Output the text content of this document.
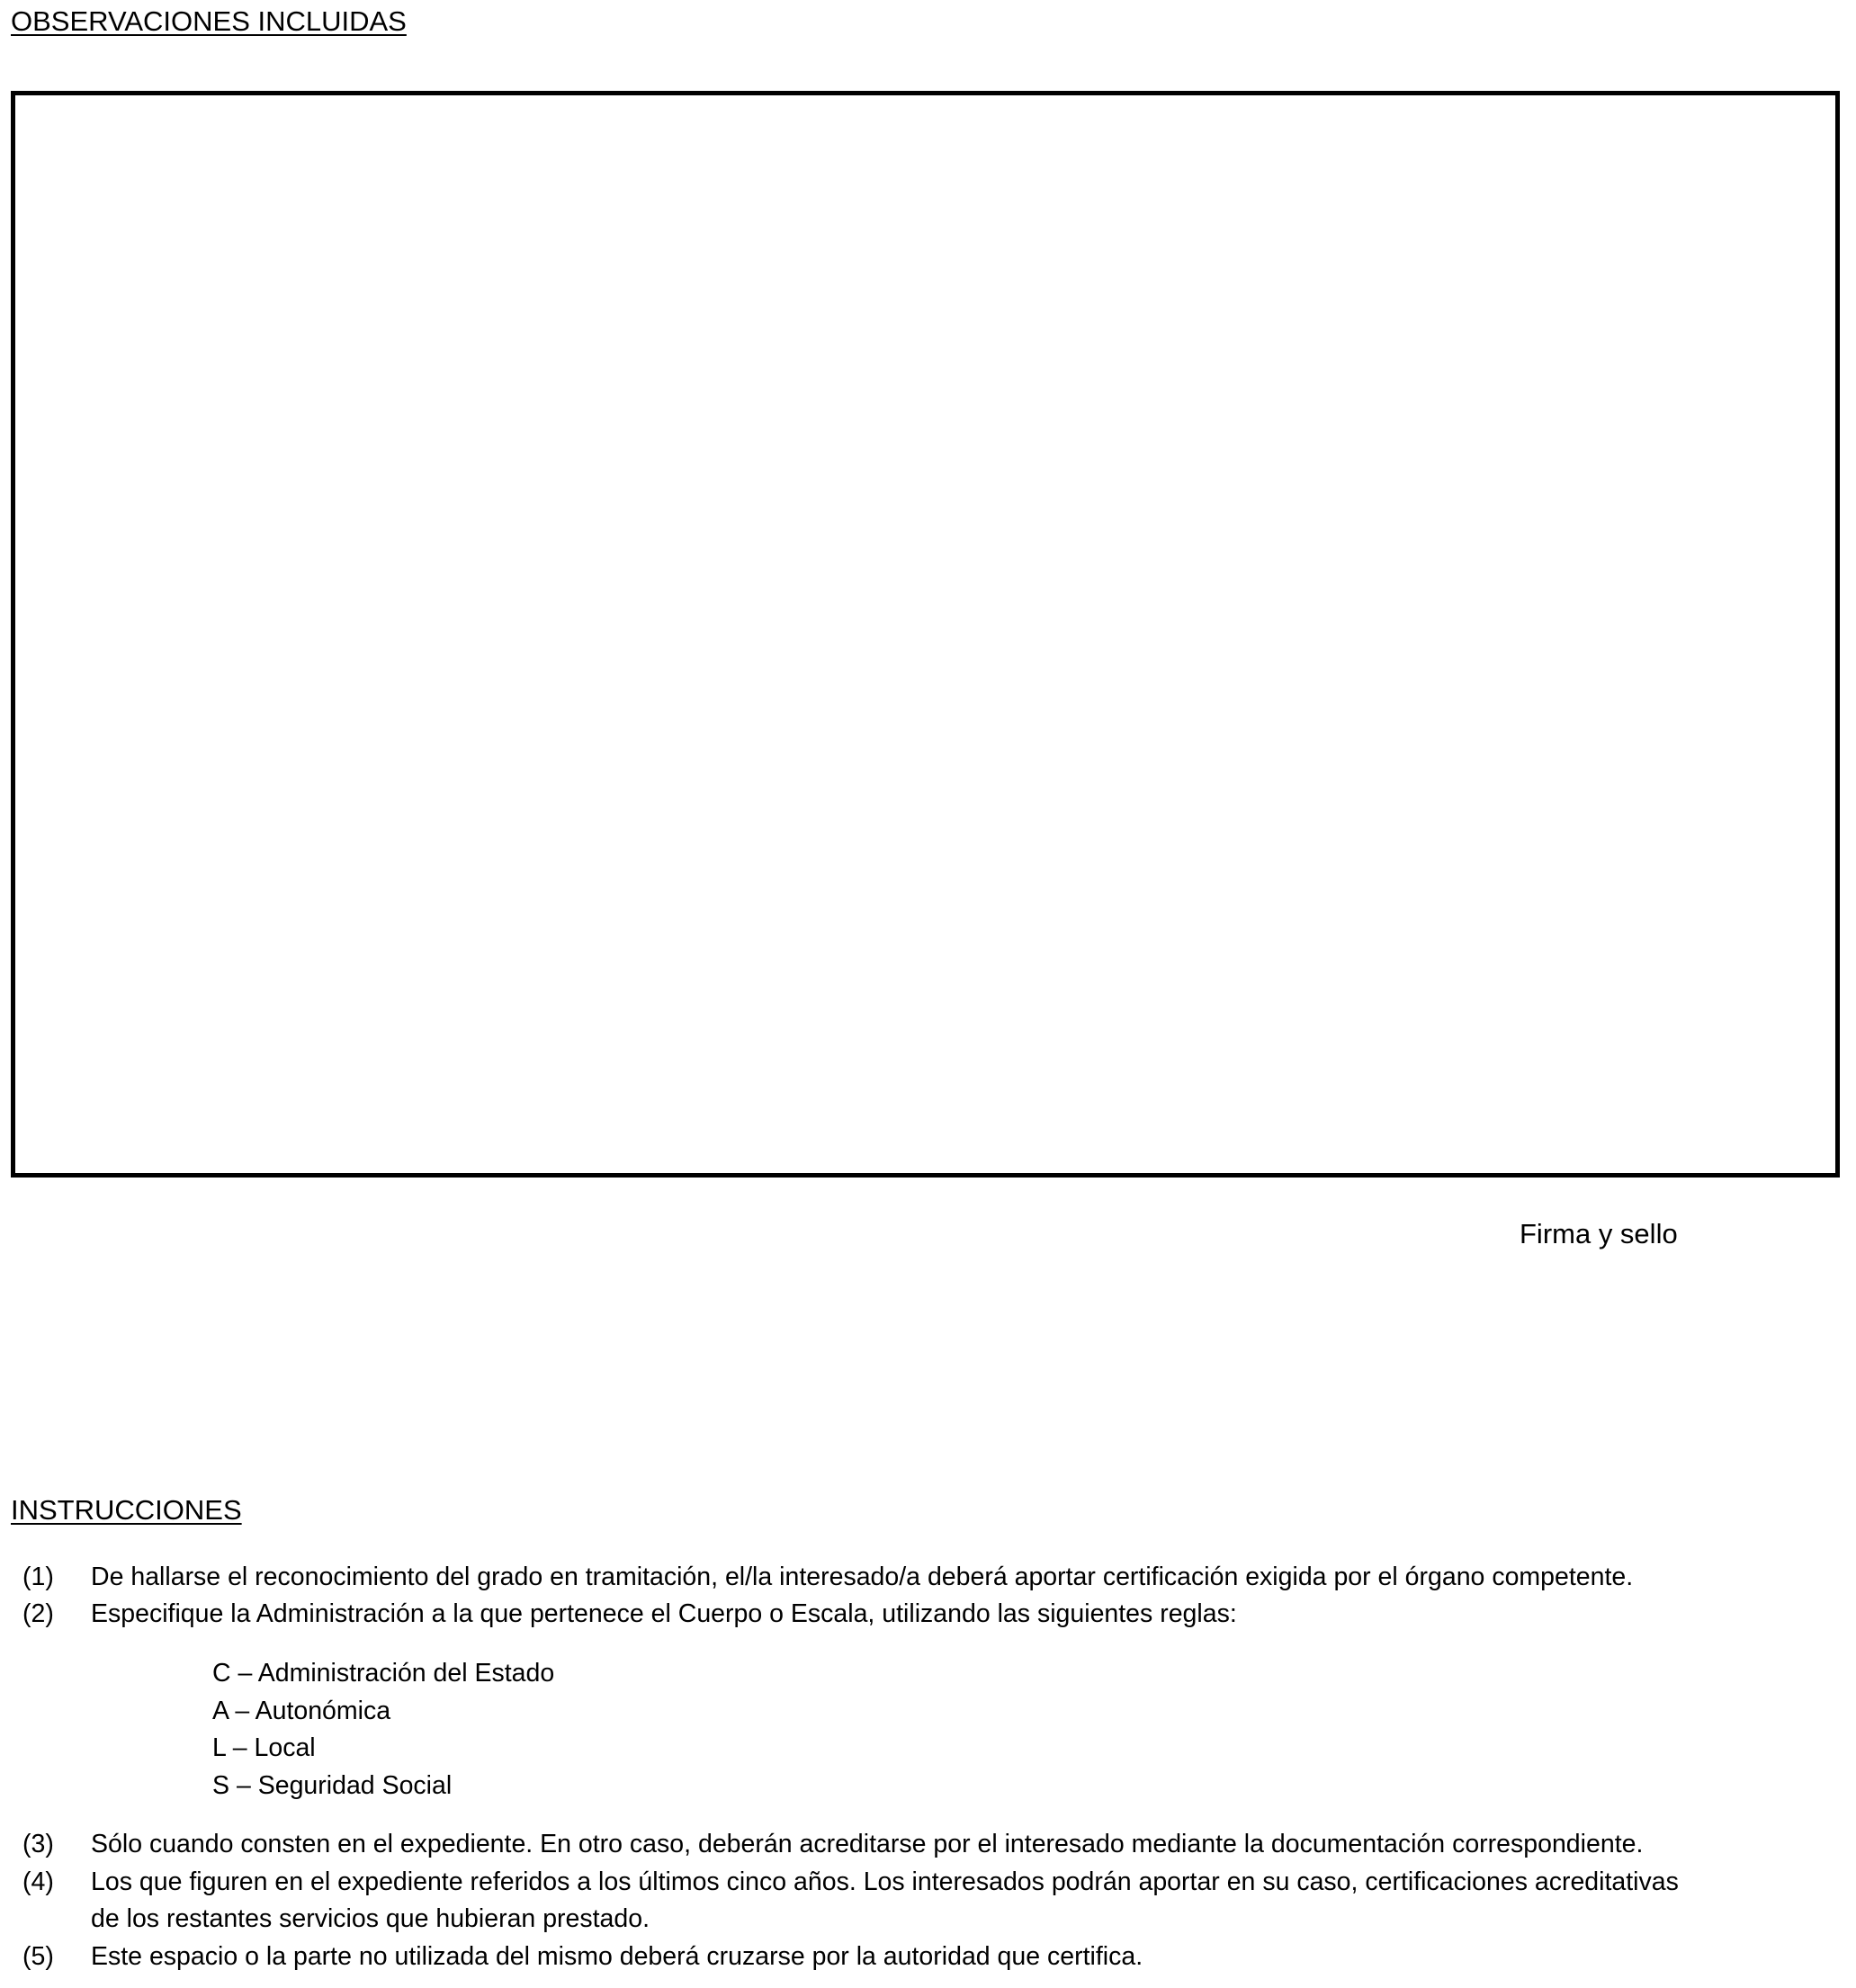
OBSERVACIONES INCLUIDAS
Firma y sello
INSTRUCCIONES
(1) De hallarse el reconocimiento del grado en tramitación, el/la interesado/a deberá aportar certificación exigida por el órgano competente.
(2) Especifique la Administración a la que pertenece el Cuerpo o Escala, utilizando las siguientes reglas:
C – Administración del Estado
A – Autonómica
L – Local
S – Seguridad Social
(3) Sólo cuando consten en el expediente. En otro caso, deberán acreditarse por el interesado mediante la documentación correspondiente.
(4) Los que figuren en el expediente referidos a los últimos cinco años. Los interesados podrán aportar en su caso, certificaciones acreditativas
de los restantes servicios que hubieran prestado.
(5) Este espacio o la parte no utilizada del mismo deberá cruzarse por la autoridad que certifica.
